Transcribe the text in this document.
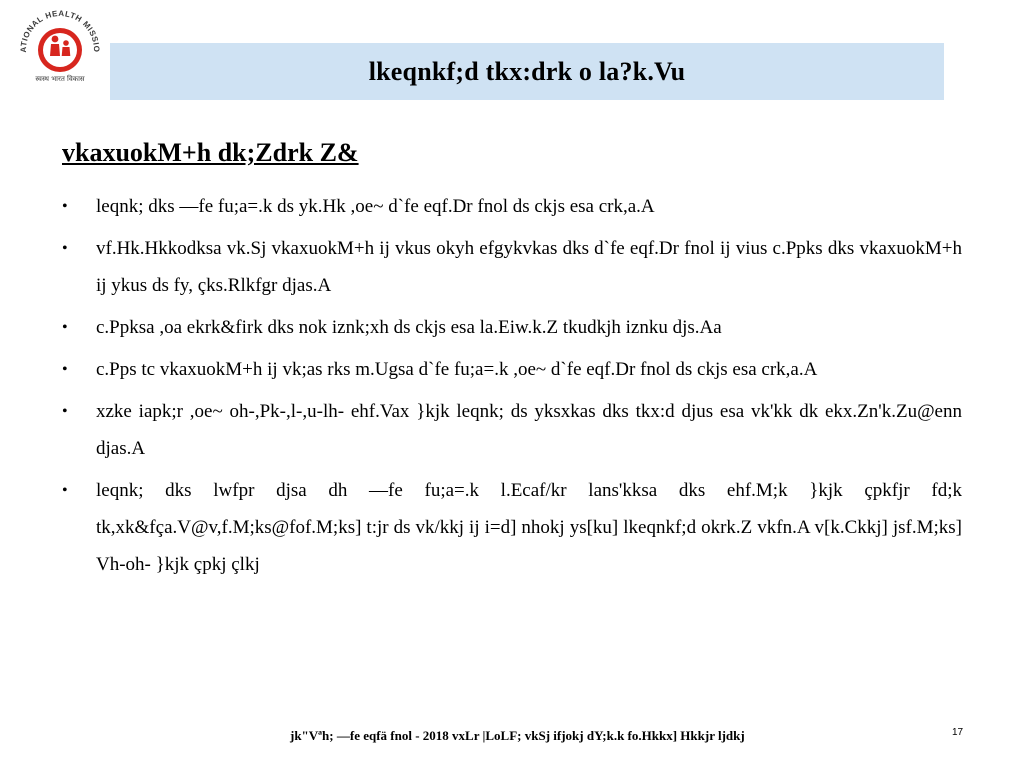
ATIONAL HEALTH MISSIO
स्वस्थ भारत विकास	lkeqnkf;d tkx:drk o la?k.Vu
vkaxuokM+h dk;Zdrk Z&
• leqnk; dks —fe fu;a=.k ds yk.Hk ,oe~ d`fe eqf.Dr fnol ds ckjs esa crk,a.A
• vf.Hk.Hkkodksa vk.Sj vkaxuokM+h ij vkus okyh efgykvkas dks d`fe eqf.Dr fnol ij vius c.Ppks dks vkaxuokM+h ij ykus ds fy, çks.Rlkfgr djas.A
• c.Ppksa ,oa ekrk&firk dks nok iznk;xh ds ckjs esa la.Eiw.k.Z tkudkjh iznku djs.Aa
• c.Pps tc vkaxuokM+h ij vk;as rks m.Ugsa d`fe fu;a=.k ,oe~ d`fe eqf.Dr fnol ds ckjs esa crk,a.A
• xzke iapk;r ,oe~ oh-,Pk-,l-,u-lh- ehf.Vax }kjk leqnk; ds yksxkas dks tkx:d djus esa vk'kk dk ekx.Zn'k.Zu@enn djas.A
• leqnk; dks lwfpr djsa dh —fe fu;a=.k l.Ecaf/kr lans'kksa dks ehf.M;k }kjk çpkfjr fd;k tk,xk&fça.V@v,f.M;ks@fof.M;ks] t:jr ds vk/kkj ij i=d] nhokj ys[ku] lkeqnkf;d okrk.Z vkfn.A v[k.Ckkj] jsf.M;ks] Vh-oh- }kjk çpkj çlkj
jk"Vªh; —fe eqfä fnol - 2018 vxLr |LoLF; vkSj ifjokj dY;k.k fo.Hkkx] Hkkjr ljdkj	17
